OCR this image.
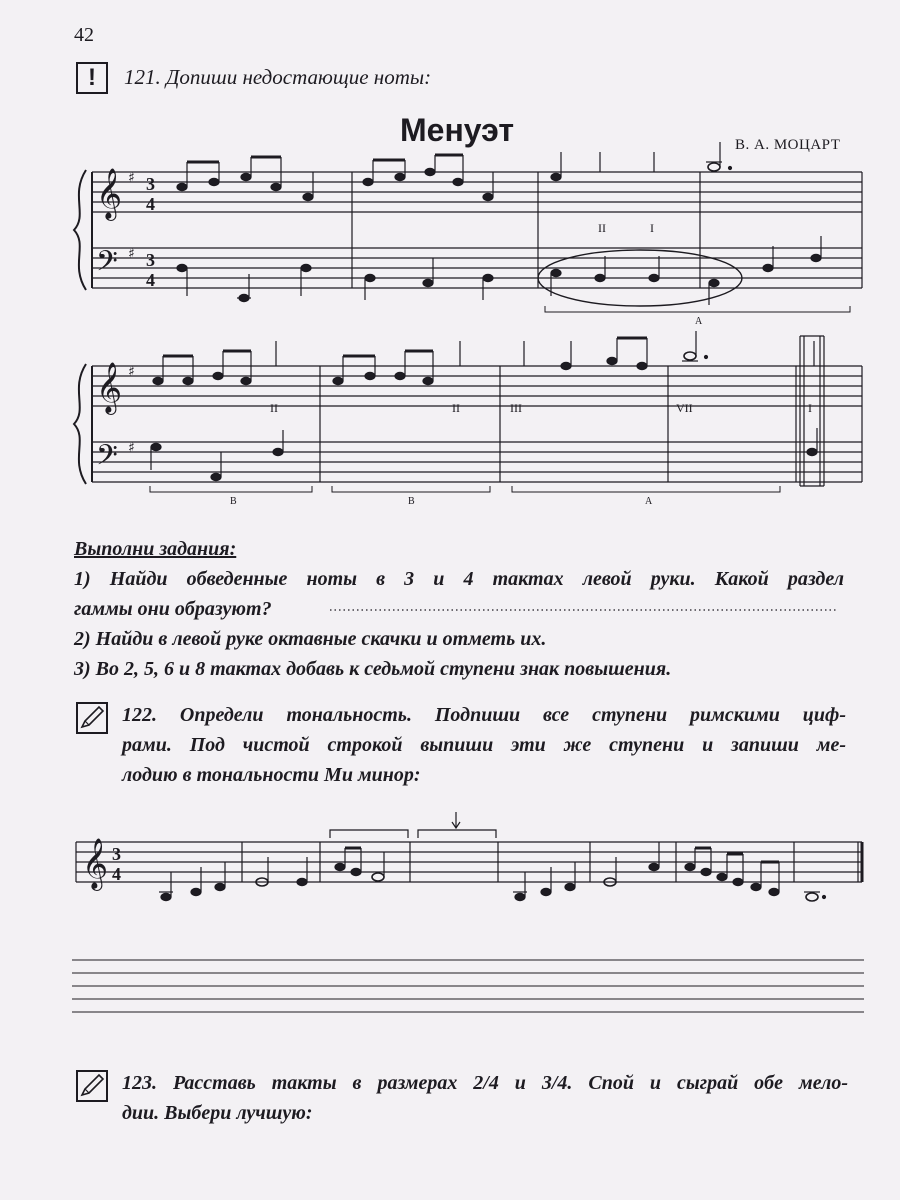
42
!	121. Допиши недостающие ноты:
Менуэт	В. А. МОЦАРТ
𝄞
𝄢
♯
♯
3
4
3
4
II	I
A
𝄞
𝄢
♯
♯
II	II	III	VII	I
B	B	A
𝄞 3
4
Выполни задания:
1) Найди обведенные ноты в 3 и 4 тактах левой руки. Какой раздел
гаммы они образуют?
2) Найди в левой руке октавные скачки и отметь их.
3) Во 2, 5, 6 и 8 тактах добавь к седьмой ступени знак повышения.
122. Определи тональность. Подпиши все ступени римскими циф-
рами. Под чистой строкой выпиши эти же ступени и запиши ме-
лодию в тональности Ми минор:
123. Расставь такты в размерах 2/4 и 3/4. Спой и сыграй обе мело-
дии. Выбери лучшую:
